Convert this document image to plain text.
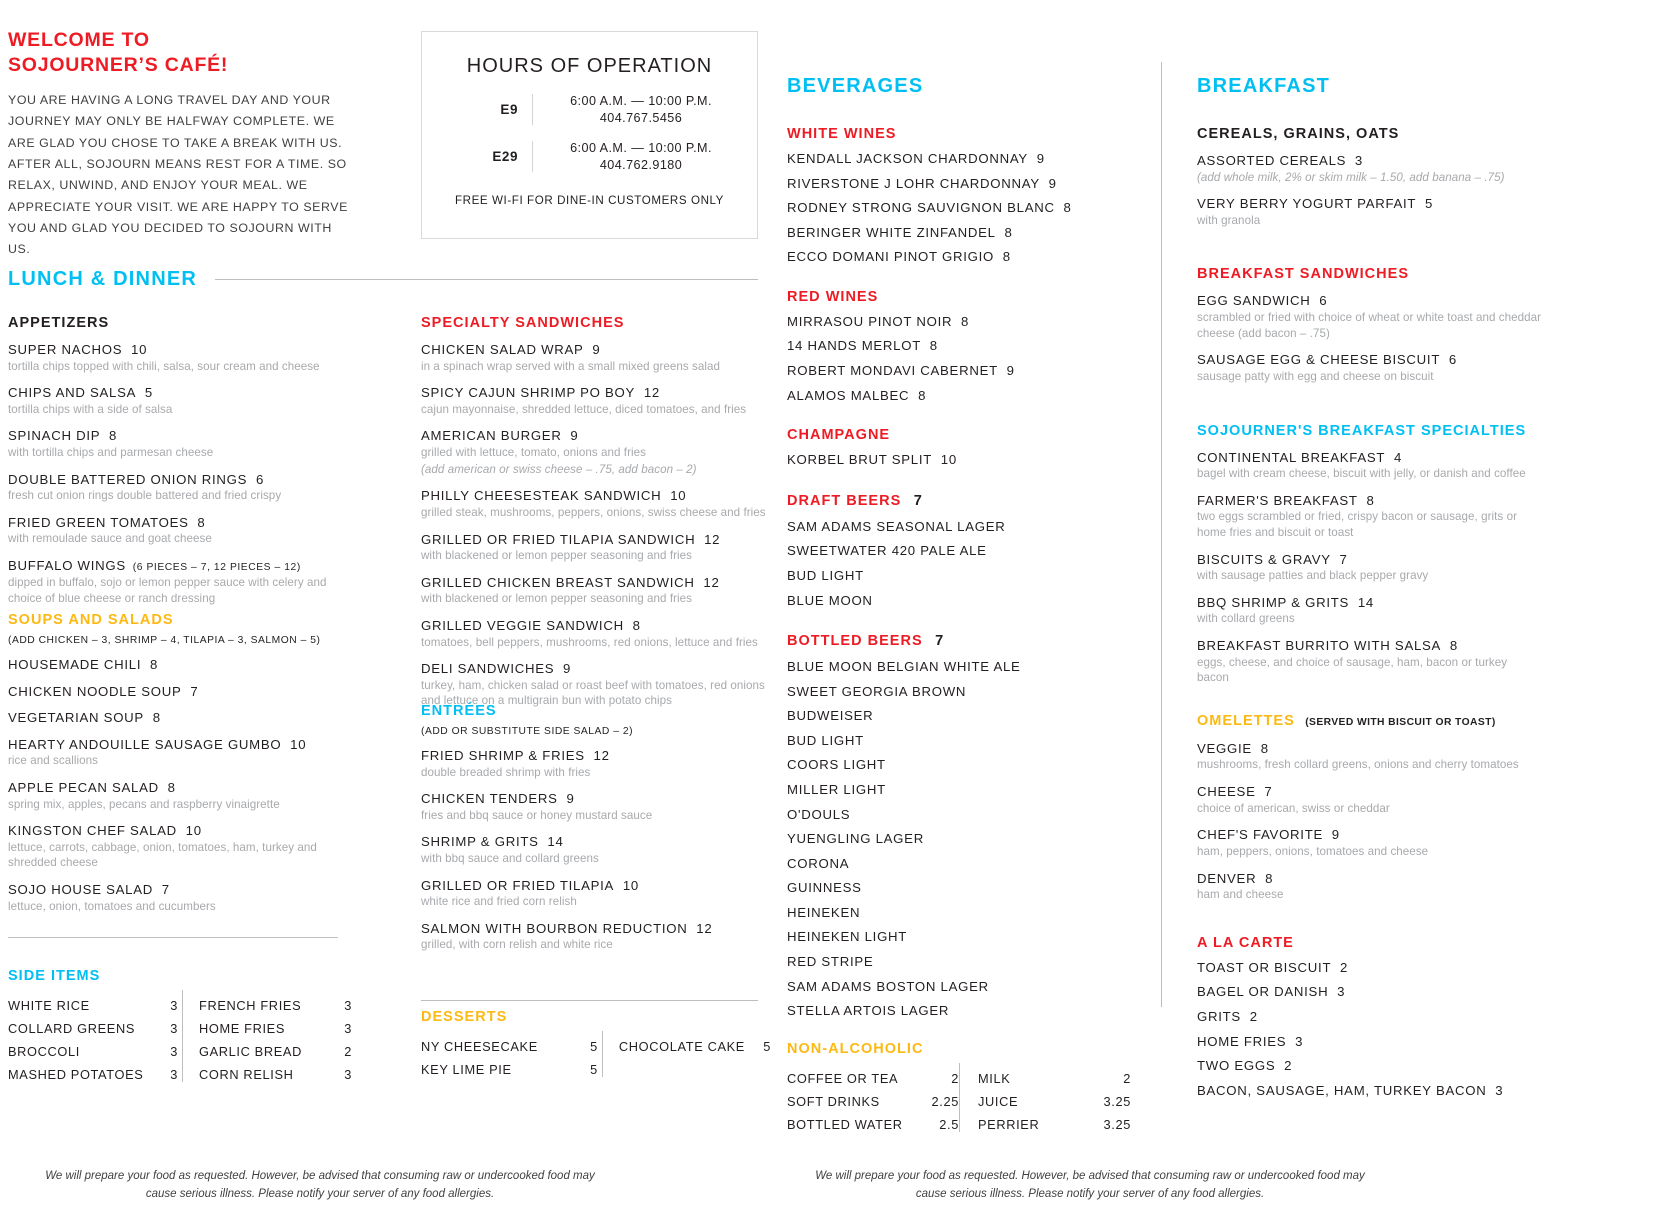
WELCOME TO
SOJOURNER’S CAFÉ!
YOU ARE HAVING A LONG TRAVEL DAY AND YOUR JOURNEY MAY ONLY BE HALFWAY COMPLETE. WE ARE GLAD YOU CHOSE TO TAKE A BREAK WITH US. AFTER ALL, SOJOURN MEANS REST FOR A TIME. SO RELAX, UNWIND, AND ENJOY YOUR MEAL. WE APPRECIATE YOUR VISIT. WE ARE HAPPY TO SERVE YOU AND GLAD YOU DECIDED TO SOJOURN WITH US.
HOURS OF OPERATION
E9
6:00 A.M. — 10:00 P.M.
404.767.5456
E29
6:00 A.M. — 10:00 P.M.
404.762.9180
FREE WI-FI FOR DINE-IN CUSTOMERS ONLY
LUNCH & DINNER
APPETIZERS
SUPER NACHOS  10
tortilla chips topped with chili, salsa, sour cream and cheese
CHIPS AND SALSA  5
tortilla chips with a side of salsa
SPINACH DIP  8
with tortilla chips and parmesan cheese
DOUBLE BATTERED ONION RINGS  6
fresh cut onion rings double battered and fried crispy
FRIED GREEN TOMATOES  8
with remoulade sauce and goat cheese
BUFFALO WINGS  (6 PIECES – 7, 12 PIECES – 12)
dipped in buffalo, sojo or lemon pepper sauce with celery and choice of blue cheese or ranch dressing
SOUPS AND SALADS
(ADD CHICKEN – 3, SHRIMP – 4, TILAPIA – 3, SALMON – 5)
HOUSEMADE CHILI  8
CHICKEN NOODLE SOUP  7
VEGETARIAN SOUP  8
HEARTY ANDOUILLE SAUSAGE GUMBO  10
rice and scallions
APPLE PECAN SALAD  8
spring mix, apples, pecans and raspberry vinaigrette
KINGSTON CHEF SALAD  10
lettuce, carrots, cabbage, onion, tomatoes, ham, turkey and shredded cheese
SOJO HOUSE SALAD  7
lettuce, onion, tomatoes and cucumbers
SIDE ITEMS
WHITE RICE	3
COLLARD GREENS	3
BROCCOLI	3
MASHED POTATOES	3
FRENCH FRIES	3
HOME FRIES	3
GARLIC BREAD	2
CORN RELISH	3
SPECIALTY SANDWICHES
CHICKEN SALAD WRAP  9
in a spinach wrap served with a small mixed greens salad
SPICY CAJUN SHRIMP PO BOY  12
cajun mayonnaise, shredded lettuce, diced tomatoes, and fries
AMERICAN BURGER  9
grilled with lettuce, tomato, onions and fries
(add american or swiss cheese – .75, add bacon – 2)
PHILLY CHEESESTEAK SANDWICH  10
grilled steak, mushrooms, peppers, onions, swiss cheese and fries
GRILLED OR FRIED TILAPIA SANDWICH  12
with blackened or lemon pepper seasoning and fries
GRILLED CHICKEN BREAST SANDWICH  12
with blackened or lemon pepper seasoning and fries
GRILLED VEGGIE SANDWICH  8
tomatoes, bell peppers, mushrooms, red onions, lettuce and fries
DELI SANDWICHES  9
turkey, ham, chicken salad or roast beef with tomatoes, red onions and lettuce on a multigrain bun with potato chips
ENTRÉES
(ADD OR SUBSTITUTE SIDE SALAD – 2)
FRIED SHRIMP & FRIES  12
double breaded shrimp with fries
CHICKEN TENDERS  9
fries and bbq sauce or honey mustard sauce
SHRIMP & GRITS  14
with bbq sauce and collard greens
GRILLED OR FRIED TILAPIA  10
white rice and fried corn relish
SALMON WITH BOURBON REDUCTION  12
grilled, with corn relish and white rice
DESSERTS
NY CHEESECAKE	5
KEY LIME PIE	5
CHOCOLATE CAKE	5
BEVERAGES
WHITE WINES
KENDALL JACKSON CHARDONNAY  9
RIVERSTONE J LOHR CHARDONNAY  9
RODNEY STRONG SAUVIGNON BLANC  8
BERINGER WHITE ZINFANDEL  8
ECCO DOMANI PINOT GRIGIO  8
RED WINES
MIRRASOU PINOT NOIR  8
14 HANDS MERLOT  8
ROBERT MONDAVI CABERNET  9
ALAMOS MALBEC  8
CHAMPAGNE
KORBEL BRUT SPLIT  10
DRAFT BEERS 7
SAM ADAMS SEASONAL LAGER
SWEETWATER 420 PALE ALE
BUD LIGHT
BLUE MOON
BOTTLED BEERS 7
BLUE MOON BELGIAN WHITE ALE
SWEET GEORGIA BROWN
BUDWEISER
BUD LIGHT
COORS LIGHT
MILLER LIGHT
O'DOULS
YUENGLING LAGER
CORONA
GUINNESS
HEINEKEN
HEINEKEN LIGHT
RED STRIPE
SAM ADAMS BOSTON LAGER
STELLA ARTOIS LAGER
NON-ALCOHOLIC
COFFEE OR TEA	2
SOFT DRINKS	2.25
BOTTLED WATER	2.5
MILK	2
JUICE	3.25
PERRIER	3.25
BREAKFAST
CEREALS, GRAINS, OATS
ASSORTED CEREALS  3
(add whole milk, 2% or skim milk – 1.50, add banana – .75)
VERY BERRY YOGURT PARFAIT  5
with granola
BREAKFAST SANDWICHES
EGG SANDWICH  6
scrambled or fried with choice of wheat or white toast and cheddar cheese (add bacon – .75)
SAUSAGE EGG & CHEESE BISCUIT  6
sausage patty with egg and cheese on biscuit
SOJOURNER'S BREAKFAST SPECIALTIES
CONTINENTAL BREAKFAST  4
bagel with cream cheese, biscuit with jelly, or danish and coffee
FARMER'S BREAKFAST  8
two eggs scrambled or fried, crispy bacon or sausage, grits or home fries and biscuit or toast
BISCUITS & GRAVY  7
with sausage patties and black pepper gravy
BBQ SHRIMP & GRITS  14
with collard greens
BREAKFAST BURRITO WITH SALSA  8
eggs, cheese, and choice of sausage, ham, bacon or turkey bacon
OMELETTES (SERVED WITH BISCUIT OR TOAST)
VEGGIE  8
mushrooms, fresh collard greens, onions and cherry tomatoes
CHEESE  7
choice of american, swiss or cheddar
CHEF'S FAVORITE  9
ham, peppers, onions, tomatoes and cheese
DENVER  8
ham and cheese
A LA CARTE
TOAST OR BISCUIT  2
BAGEL OR DANISH  3
GRITS  2
HOME FRIES  3
TWO EGGS  2
BACON, SAUSAGE, HAM, TURKEY BACON  3
We will prepare your food as requested. However, be advised that consuming raw or undercooked food may cause serious illness. Please notify your server of any food allergies.
We will prepare your food as requested. However, be advised that consuming raw or undercooked food may cause serious illness. Please notify your server of any food allergies.
